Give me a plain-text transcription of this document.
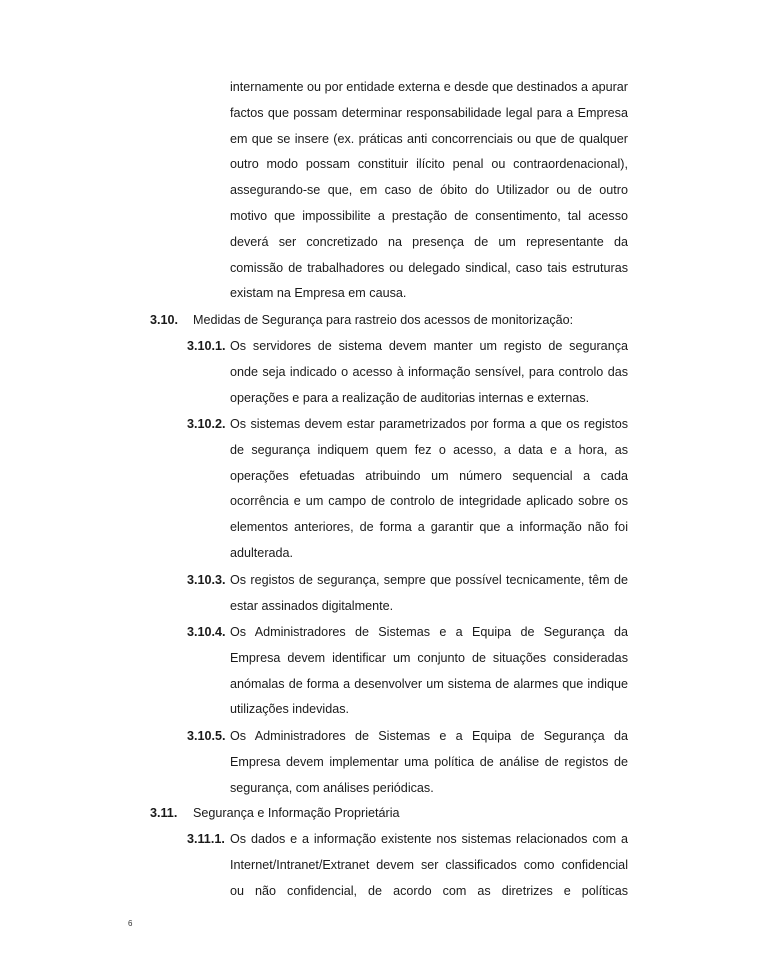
internamente ou por entidade externa e desde que destinados a apurar factos que possam determinar responsabilidade legal para a Empresa em que se insere (ex. práticas anti concorrenciais ou que de qualquer outro modo possam constituir ilícito penal ou contraordenacional), assegurando-se que, em caso de óbito do Utilizador ou de outro motivo que impossibilite a prestação de consentimento, tal acesso deverá ser concretizado na presença de um representante da comissão de trabalhadores ou delegado sindical, caso tais estruturas existam na Empresa em causa.

3.10. Medidas de Segurança para rastreio dos acessos de monitorização:
3.10.1. Os servidores de sistema devem manter um registo de segurança onde seja indicado o acesso à informação sensível, para controlo das operações e para a realização de auditorias internas e externas.

3.10.2. Os sistemas devem estar parametrizados por forma a que os registos de segurança indiquem quem fez o acesso, a data e a hora, as operações efetuadas atribuindo um número sequencial a cada ocorrência e um campo de controlo de integridade aplicado sobre os elementos anteriores, de forma a garantir que a informação não foi adulterada.

3.10.3. Os registos de segurança, sempre que possível tecnicamente, têm de estar assinados digitalmente.

3.10.4. Os Administradores de Sistemas e a Equipa de Segurança da Empresa devem identificar um conjunto de situações consideradas anómalas de forma a desenvolver um sistema de alarmes que indique utilizações indevidas.

3.10.5. Os Administradores de Sistemas e a Equipa de Segurança da Empresa devem implementar uma política de análise de registos de segurança, com análises periódicas.

3.11. Segurança e Informação Proprietária
3.11.1. Os dados e a informação existente nos sistemas relacionados com a Internet/Intranet/Extranet devem ser classificados como confidencial ou não confidencial, de acordo com as diretrizes e políticas

6
